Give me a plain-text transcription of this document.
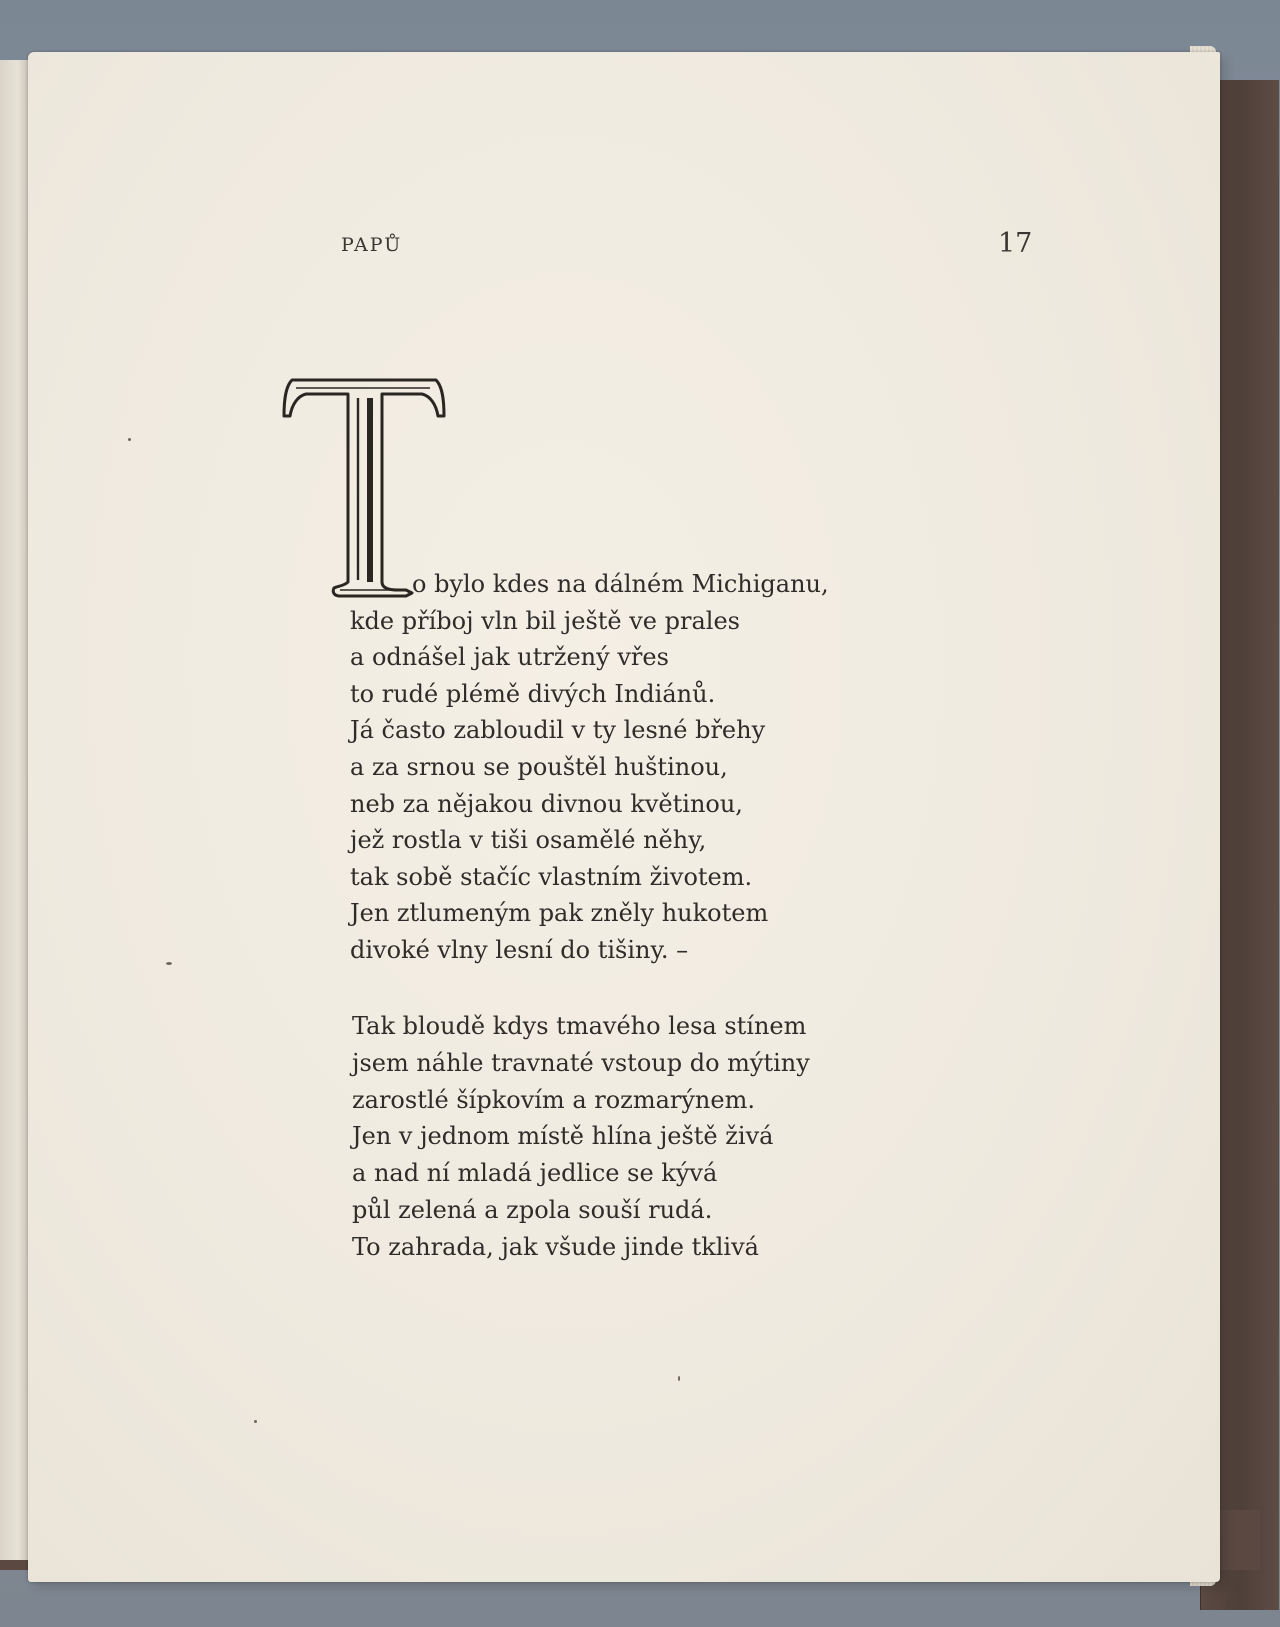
PAPŮ	17
o bylo kdes na dálném Michiganu,
kde příboj vln bil ještě ve prales
a odnášel jak utržený vřes
to rudé plémě divých Indiánů.
Já často zabloudil v ty lesné břehy
a za srnou se pouštěl huštinou,
neb za nějakou divnou květinou,
jež rostla v tiši osamělé něhy,
tak sobě stačíc vlastním životem.
Jen ztlumeným pak zněly hukotem
divoké vlny lesní do tišiny. –
Tak bloudě kdys tmavého lesa stínem
jsem náhle travnaté vstoup do mýtiny
zarostlé šípkovím a rozmarýnem.
Jen v jednom místě hlína ještě živá
a nad ní mladá jedlice se kývá
půl zelená a zpola souší rudá.
To zahrada, jak všude jinde tklivá
